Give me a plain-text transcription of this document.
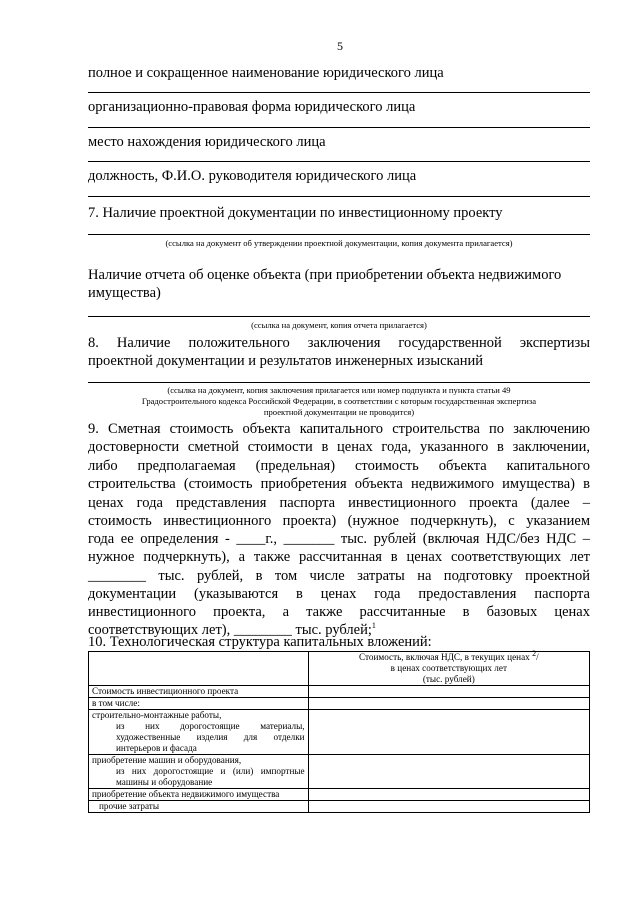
5
полное и сокращенное наименование юридического лица
организационно-правовая форма юридического лица
место нахождения юридического лица
должность, Ф.И.О. руководителя юридического лица
7. Наличие проектной документации по инвестиционному проекту
(ссылка на документ об утверждении проектной документации, копия документа прилагается)
Наличие отчета об оценке объекта (при приобретении объекта недвижимого
имущества)
(ссылка на документ, копия отчета прилагается)
8. Наличие положительного заключения государственной экспертизы
проектной документации и результатов инженерных изысканий
(ссылка на документ, копия заключения прилагается или номер подпункта и пункта статьи 49
Градостроительного кодекса Российской Федерации, в соответствии с которым государственная экспертиза
проектной документации не проводится)
9. Сметная стоимость объекта капитального строительства по заключению
достоверности сметной стоимости в ценах года, указанного в заключении,
либо предполагаемая (предельная) стоимость объекта капитального
строительства (стоимость приобретения объекта недвижимого имущества) в
ценах года представления паспорта инвестиционного проекта (далее –
стоимость инвестиционного проекта) (нужное подчеркнуть), с указанием
года ее определения - ____г., _______ тыс. рублей (включая НДС/без НДС –
нужное подчеркнуть), а также рассчитанная в ценах соответствующих лет
________ тыс. рублей, в том числе затраты на подготовку проектной
документации (указываются в ценах года предоставления паспорта
инвестиционного проекта, а также рассчитанные в базовых ценах
соответствующих лет), ________ тыс. рублей;$^1$
10. Технологическая структура капитальных вложений:

	Стоимость, включая НДС, в текущих ценах $^2$/
в ценах соответствующих лет
(тыс. рублей)

Стоимость инвестиционного проекта	
в том числе:	

строительно-монтажные работы,
из них дорогостоящие материалы, художественные изделия для отделки интерьеров и фасада	

приобретение машин и оборудования,
из них дорогостоящие и (или) импортные машины и оборудование	

приобретение объекта недвижимого имущества	
прочие затраты	
